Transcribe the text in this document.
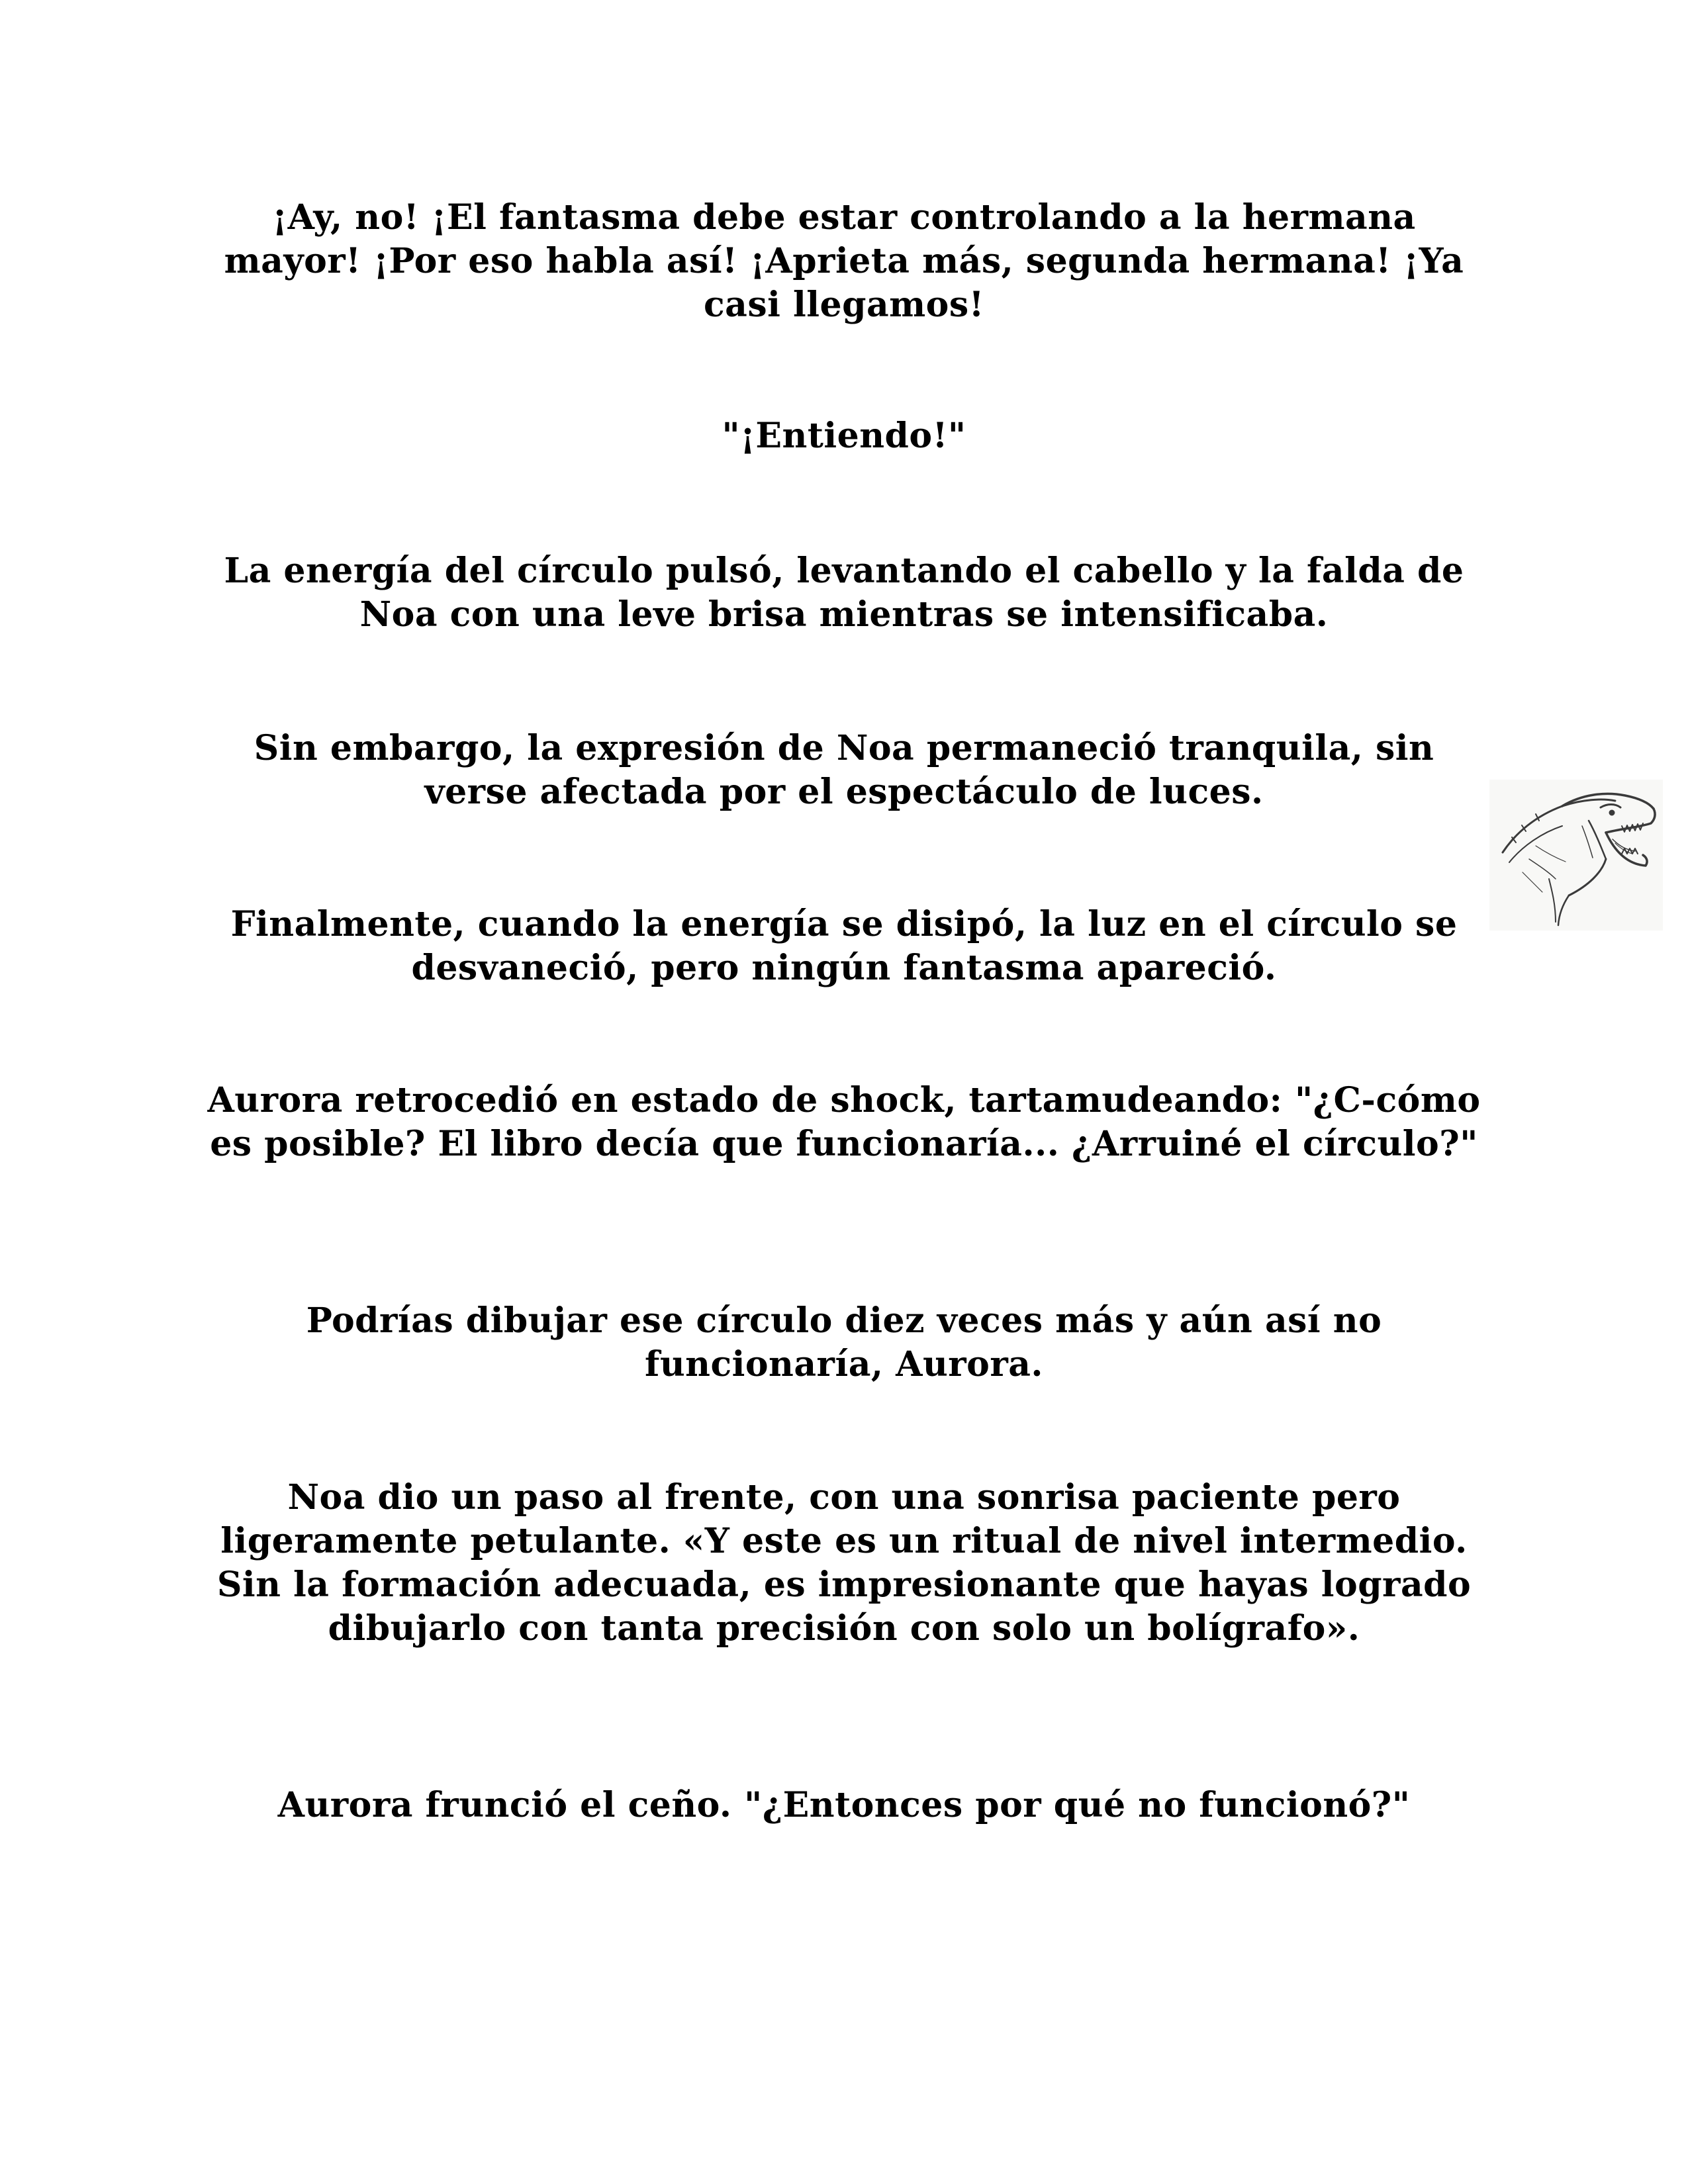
¡Ay, no! ¡El fantasma debe estar controlando a la hermana mayor! ¡Por eso habla así! ¡Aprieta más, segunda hermana! ¡Ya casi llegamos!

"¡Entiendo!"

La energía del círculo pulsó, levantando el cabello y la falda de Noa con una leve brisa mientras se intensificaba.

Sin embargo, la expresión de Noa permaneció tranquila, sin verse afectada por el espectáculo de luces.

Finalmente, cuando la energía se disipó, la luz en el círculo se desvaneció, pero ningún fantasma apareció.

Aurora retrocedió en estado de shock, tartamudeando: "¿C-cómo es posible? El libro decía que funcionaría... ¿Arruiné el círculo?"

Podrías dibujar ese círculo diez veces más y aún así no funcionaría, Aurora.

Noa dio un paso al frente, con una sonrisa paciente pero ligeramente petulante. «Y este es un ritual de nivel intermedio. Sin la formación adecuada, es impresionante que hayas logrado dibujarlo con tanta precisión con solo un bolígrafo».

Aurora frunció el ceño. "¿Entonces por qué no funcionó?"
